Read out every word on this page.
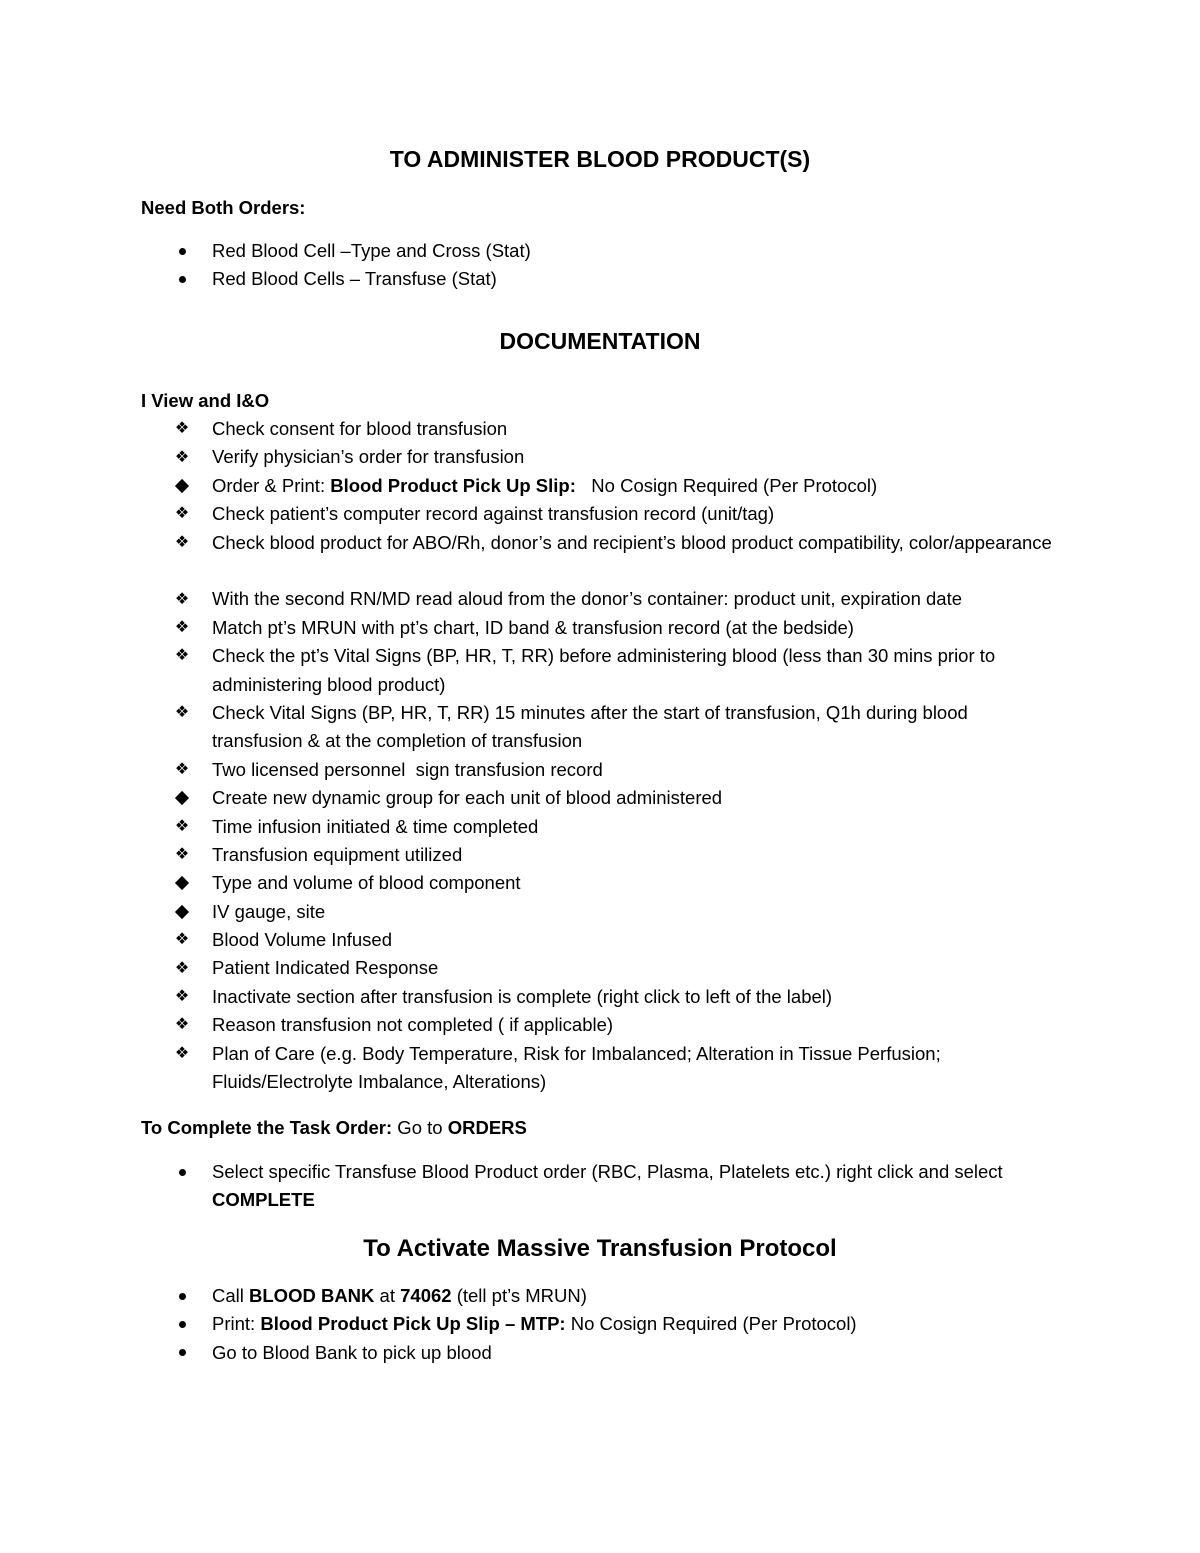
TO ADMINISTER BLOOD PRODUCT(S)

Need Both Orders:

Red Blood Cell –Type and Cross (Stat)
Red Blood Cells – Transfuse (Stat)
DOCUMENTATION

I View and I&O

❖ Check consent for blood transfusion
❖ Verify physician’s order for transfusion
Order & Print: Blood Product Pick Up Slip:   No Cosign Required (Per Protocol)
❖ Check patient’s computer record against transfusion record (unit/tag)
❖ Check blood product for ABO/Rh, donor’s and recipient’s blood product compatibility, color/appearance
❖ With the second RN/MD read aloud from the donor’s container: product unit, expiration date
❖ Match pt’s MRUN with pt’s chart, ID band & transfusion record (at the bedside)
❖ Check the pt’s Vital Signs (BP, HR, T, RR) before administering blood (less than 30 mins prior to administering blood product)
❖ Check Vital Signs (BP, HR, T, RR) 15 minutes after the start of transfusion, Q1h during blood transfusion & at the completion of transfusion
❖ Two licensed personnel  sign transfusion record
Create new dynamic group for each unit of blood administered
❖ Time infusion initiated & time completed
❖ Transfusion equipment utilized
Type and volume of blood component
IV gauge, site
❖ Blood Volume Infused
❖ Patient Indicated Response
❖ Inactivate section after transfusion is complete (right click to left of the label)
❖ Reason transfusion not completed ( if applicable)
❖ Plan of Care (e.g. Body Temperature, Risk for Imbalanced; Alteration in Tissue Perfusion; Fluids/Electrolyte Imbalance, Alterations)

To Complete the Task Order: Go to ORDERS

Select specific Transfuse Blood Product order (RBC, Plasma, Platelets etc.) right click and select COMPLETE
To Activate Massive Transfusion Protocol
Call BLOOD BANK at 74062 (tell pt’s MRUN)
Print: Blood Product Pick Up Slip – MTP: No Cosign Required (Per Protocol)
Go to Blood Bank to pick up blood
